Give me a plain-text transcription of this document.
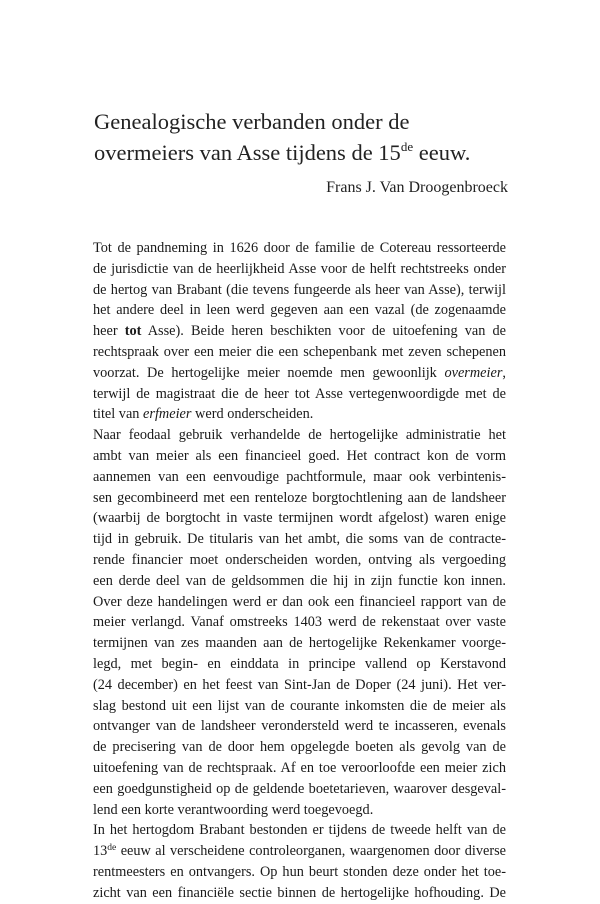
Genealogische verbanden onder de
overmeiers van Asse tijdens de 15de eeuw.

Frans J. Van Droogenbroeck

Tot de pandneming in 1626 door de familie de Cotereau ressorteerde
de jurisdictie van de heerlijkheid Asse voor de helft rechtstreeks onder
de hertog van Brabant (die tevens fungeerde als heer van Asse), terwijl
het andere deel in leen werd gegeven aan een vazal (de zogenaamde
heer tot Asse). Beide heren beschikten voor de uitoefening van de
rechtspraak over een meier die een schepenbank met zeven schepenen
voorzat. De hertogelijke meier noemde men gewoonlijk overmeier,
terwijl de magistraat die de heer tot Asse vertegenwoordigde met de
titel van erfmeier werd onderscheiden.
Naar feodaal gebruik verhandelde de hertogelijke administratie het
ambt van meier als een financieel goed. Het contract kon de vorm
aannemen van een eenvoudige pachtformule, maar ook verbintenis-
sen gecombineerd met een renteloze borgtochtlening aan de landsheer
(waarbij de borgtocht in vaste termijnen wordt afgelost) waren enige
tijd in gebruik. De titularis van het ambt, die soms van de contracte-
rende financier moet onderscheiden worden, ontving als vergoeding
een derde deel van de geldsommen die hij in zijn functie kon innen.
Over deze handelingen werd er dan ook een financieel rapport van de
meier verlangd. Vanaf omstreeks 1403 werd de rekenstaat over vaste
termijnen van zes maanden aan de hertogelijke Rekenkamer voorge-
legd, met begin- en einddata in principe vallend op Kerstavond
(24 december) en het feest van Sint-Jan de Doper (24 juni). Het ver-
slag bestond uit een lijst van de courante inkomsten die de meier als
ontvanger van de landsheer verondersteld werd te incasseren, evenals
de precisering van de door hem opgelegde boeten als gevolg van de
uitoefening van de rechtspraak. Af en toe veroorloofde een meier zich
een goedgunstigheid op de geldende boetetarieven, waarover desgeval-
lend een korte verantwoording werd toegevoegd.
In het hertogdom Brabant bestonden er tijdens de tweede helft van de
13de eeuw al verscheidene controleorganen, waargenomen door diverse
rentmeesters en ontvangers. Op hun beurt stonden deze onder het toe-
zicht van een financiële sectie binnen de hertogelijke hofhouding. De
